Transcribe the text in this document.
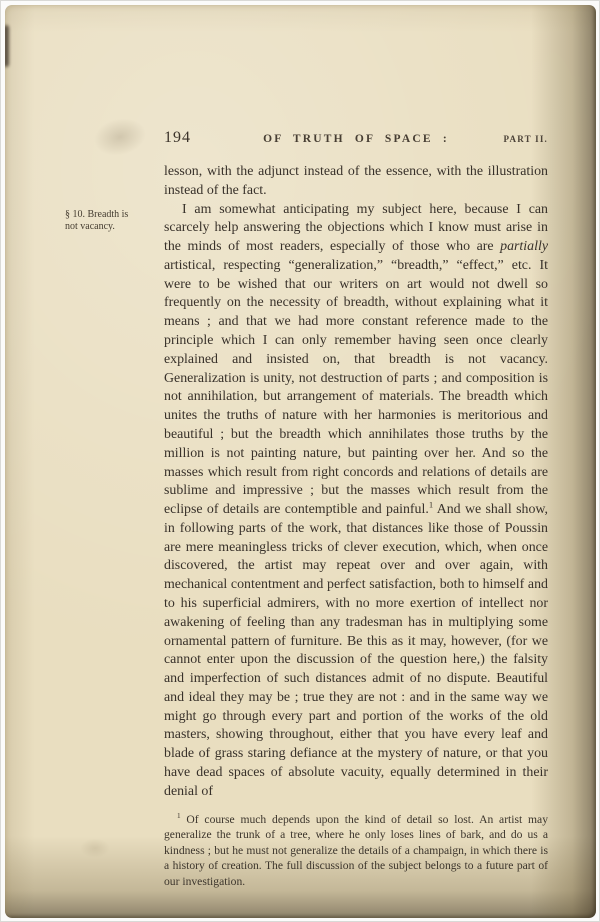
194	OF TRUTH OF SPACE :	PART II.
§ 10. Breadth is not vacancy.

lesson, with the adjunct instead of the essence, with the illustration instead of the fact.

I am somewhat anticipating my subject here, because I can scarcely help answering the objections which I know must arise in the minds of most readers, especially of those who are partially artistical, respecting “generalization,” “breadth,” “effect,” etc. It were to be wished that our writers on art would not dwell so frequently on the necessity of breadth, without explaining what it means ; and that we had more constant reference made to the principle which I can only remember having seen once clearly explained and insisted on, that breadth is not vacancy. Generalization is unity, not destruction of parts ; and composition is not annihilation, but arrangement of materials. The breadth which unites the truths of nature with her harmonies is meritorious and beautiful ; but the breadth which annihilates those truths by the million is not painting nature, but painting over her. And so the masses which result from right concords and relations of details are sublime and impressive ; but the masses which result from the eclipse of details are contemptible and painful.$^1$ And we shall show, in following parts of the work, that distances like those of Poussin are mere meaningless tricks of clever execution, which, when once discovered, the artist may repeat over and over again, with mechanical contentment and perfect satisfaction, both to himself and to his superficial admirers, with no more exertion of intellect nor awakening of feeling than any tradesman has in multiplying some ornamental pattern of furniture. Be this as it may, however, (for we cannot enter upon the discussion of the question here,) the falsity and imperfection of such distances admit of no dispute. Beautiful and ideal they may be ; true they are not : and in the same way we might go through every part and portion of the works of the old masters, showing throughout, either that you have every leaf and blade of grass staring defiance at the mystery of nature, or that you have dead spaces of absolute vacuity, equally determined in their denial of

$^1$ Of course much depends upon the kind of detail so lost. An artist may generalize the trunk of a tree, where he only loses lines of bark, and do us a kindness ; but he must not generalize the details of a champaign, in which there is a history of creation. The full discussion of the subject belongs to a future part of our investigation.
